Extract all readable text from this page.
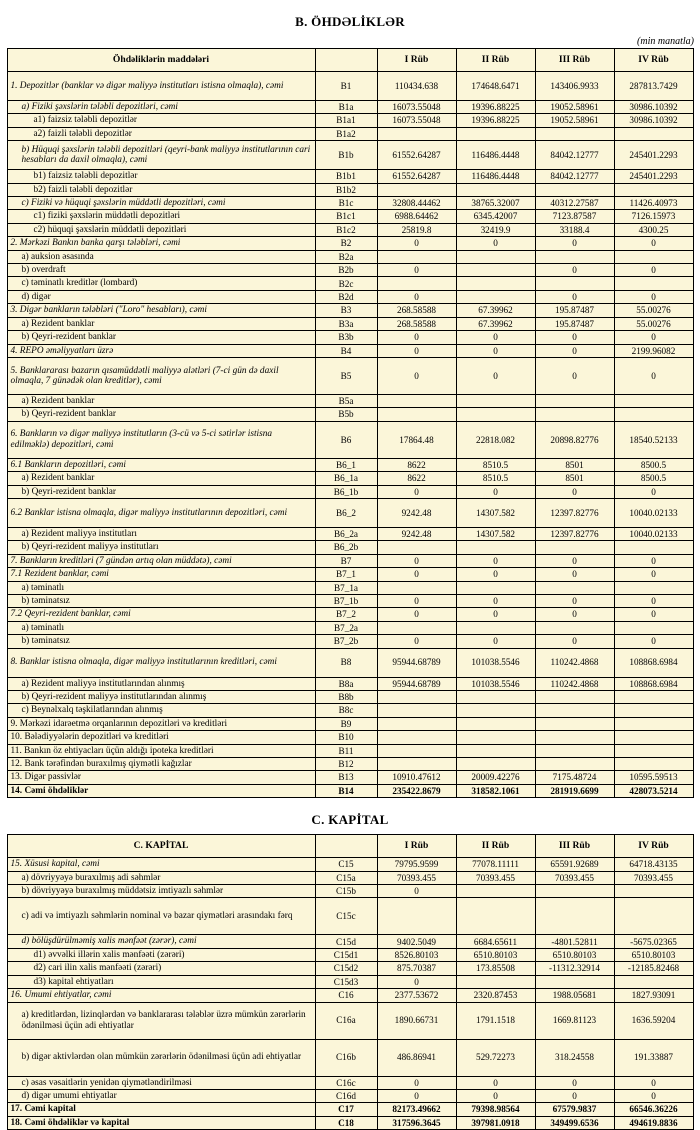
B. ÖHDƏLİKLƏR
(min manatla)
Öhdəliklərin maddələri		I Rüb	II Rüb	III Rüb	IV Rüb
1. Depozitlər (banklar və digər maliyyə institutları istisna olmaqla), cəmi	B1	110434.638	174648.6471	143406.9933	287813.7429
a) Fiziki şəxslərin tələbli depozitləri, cəmi	B1a	16073.55048	19396.88225	19052.58961	30986.10392
a1) faizsiz tələbli depozitlər	B1a1	16073.55048	19396.88225	19052.58961	30986.10392
a2) faizli tələbli depozitlər	B1a2				
b) Hüquqi şəxslərin tələbli depozitləri (qeyri-bank maliyyə institutlarının cari hesabları da daxil olmaqla), cəmi	B1b	61552.64287	116486.4448	84042.12777	245401.2293
b1) faizsiz tələbli depozitlər	B1b1	61552.64287	116486.4448	84042.12777	245401.2293
b2) faizli tələbli depozitlər	B1b2				
c) Fiziki və hüquqi şəxslərin müddətli depozitləri, cəmi	B1c	32808.44462	38765.32007	40312.27587	11426.40973
c1) fiziki şəxslərin müddətli depozitləri	B1c1	6988.64462	6345.42007	7123.87587	7126.15973
c2) hüquqi şəxslərin müddətli depozitləri	B1c2	25819.8	32419.9	33188.4	4300.25
2. Mərkəzi Bankın banka qarşı tələbləri, cəmi	B2	0	0	0	0
a) auksion əsasında	B2a				
b) overdraft	B2b	0		0	0
c) təminatlı kreditlər (lombard)	B2c				
d) digər	B2d	0		0	0
3. Digər bankların tələbləri ("Loro" hesabları), cəmi	B3	268.58588	67.39962	195.87487	55.00276
a) Rezident banklar	B3a	268.58588	67.39962	195.87487	55.00276
b) Qeyri-rezident banklar	B3b	0	0	0	0
4. REPO əməliyyatları üzrə	B4	0	0	0	2199.96082
5. Banklararası bazarın qısamüddətli maliyyə alətləri (7-ci gün də daxil olmaqla, 7 günədək olan kreditlər), cəmi	B5	0	0	0	0
a) Rezident banklar	B5a				
b) Qeyri-rezident banklar	B5b				
6. Bankların və digər maliyyə institutların (3-cü və 5-ci sətirlər istisna edilməklə) depozitləri, cəmi	B6	17864.48	22818.082	20898.82776	18540.52133
6.1 Bankların depozitləri, cəmi	B6_1	8622	8510.5	8501	8500.5
a) Rezident banklar	B6_1a	8622	8510.5	8501	8500.5
b) Qeyri-rezident banklar	B6_1b	0	0	0	0
6.2 Banklar istisna olmaqla, digər maliyyə institutlarının depozitləri, cəmi	B6_2	9242.48	14307.582	12397.82776	10040.02133
a) Rezident maliyyə institutları	B6_2a	9242.48	14307.582	12397.82776	10040.02133
b) Qeyri-rezident maliyyə institutları	B6_2b				
7. Bankların kreditləri (7 gündən artıq olan müddətə), cəmi	B7	0	0	0	0
7.1 Rezident banklar, cəmi	B7_1	0	0	0	0
a) təminatlı	B7_1a				
b) təminatsız	B7_1b	0	0	0	0
7.2 Qeyri-rezident banklar, cəmi	B7_2	0	0	0	0
a) təminatlı	B7_2a				
b) təminatsız	B7_2b	0	0	0	0
8. Banklar istisna olmaqla, digər maliyyə institutlarının kreditləri, cəmi	B8	95944.68789	101038.5546	110242.4868	108868.6984
a) Rezident maliyyə institutlarından alınmış	B8a	95944.68789	101038.5546	110242.4868	108868.6984
b) Qeyri-rezident maliyyə institutlarından alınmış	B8b				
c) Beynəlxalq təşkilatlarından alınmış	B8c				
9. Mərkəzi idarəetmə orqanlarının depozitləri və kreditləri	B9				
10. Bələdiyyələrin depozitləri və kreditləri	B10				
11. Bankın öz ehtiyacları üçün aldığı ipoteka kreditləri	B11				
12. Bank tərəfindən buraxılmış qiymətli kağızlar	B12				
13. Digər passivlər	B13	10910.47612	20009.42276	7175.48724	10595.59513
14. Cəmi öhdəliklər	B14	235422.8679	318582.1061	281919.6699	428073.5214
C. KAPİTAL
C. KAPİTAL		I Rüb	II Rüb	III Rüb	IV Rüb
15. Xüsusi kapital, cəmi	C15	79795.9599	77078.11111	65591.92689	64718.43135
a) dövriyyəyə buraxılmış adi səhmlər	C15a	70393.455	70393.455	70393.455	70393.455
b) dövriyyəyə buraxılmış müddətsiz imtiyazlı səhmlər	C15b	0			
c) adi və imtiyazlı səhmlərin nominal və bazar qiymətləri arasındakı fərq	C15c				
d) bölüşdürülməmiş xalis mənfəət (zərər), cəmi	C15d	9402.5049	6684.65611	-4801.52811	-5675.02365
d1) əvvəlki illərin xalis mənfəəti (zərəri)	C15d1	8526.80103	6510.80103	6510.80103	6510.80103
d2) cari ilin xalis mənfəəti (zərəri)	C15d2	875.70387	173.85508	-11312.32914	-12185.82468
d3) kapital ehtiyatları	C15d3	0			
16. Umumi ehtiyatlar, cəmi	C16	2377.53672	2320.87453	1988.05681	1827.93091
a) kreditlərdən, lizinqlərdən və banklararası tələblər üzrə mümkün zərərlərin ödənilməsi üçün adi ehtiyatlar	C16a	1890.66731	1791.1518	1669.81123	1636.59204
b) digər aktivlərdən olan mümkün zərərlərin ödənilməsi üçün adi ehtiyatlar	C16b	486.86941	529.72273	318.24558	191.33887
c) əsas vəsaitlərin yenidən qiymətləndirilməsi	C16c	0	0	0	0
d) digər umumi ehtiyatlar	C16d	0	0	0	0
17. Cəmi kapital	C17	82173.49662	79398.98564	67579.9837	66546.36226
18. Cəmi öhdəliklər və kapital	C18	317596.3645	397981.0918	349499.6536	494619.8836
